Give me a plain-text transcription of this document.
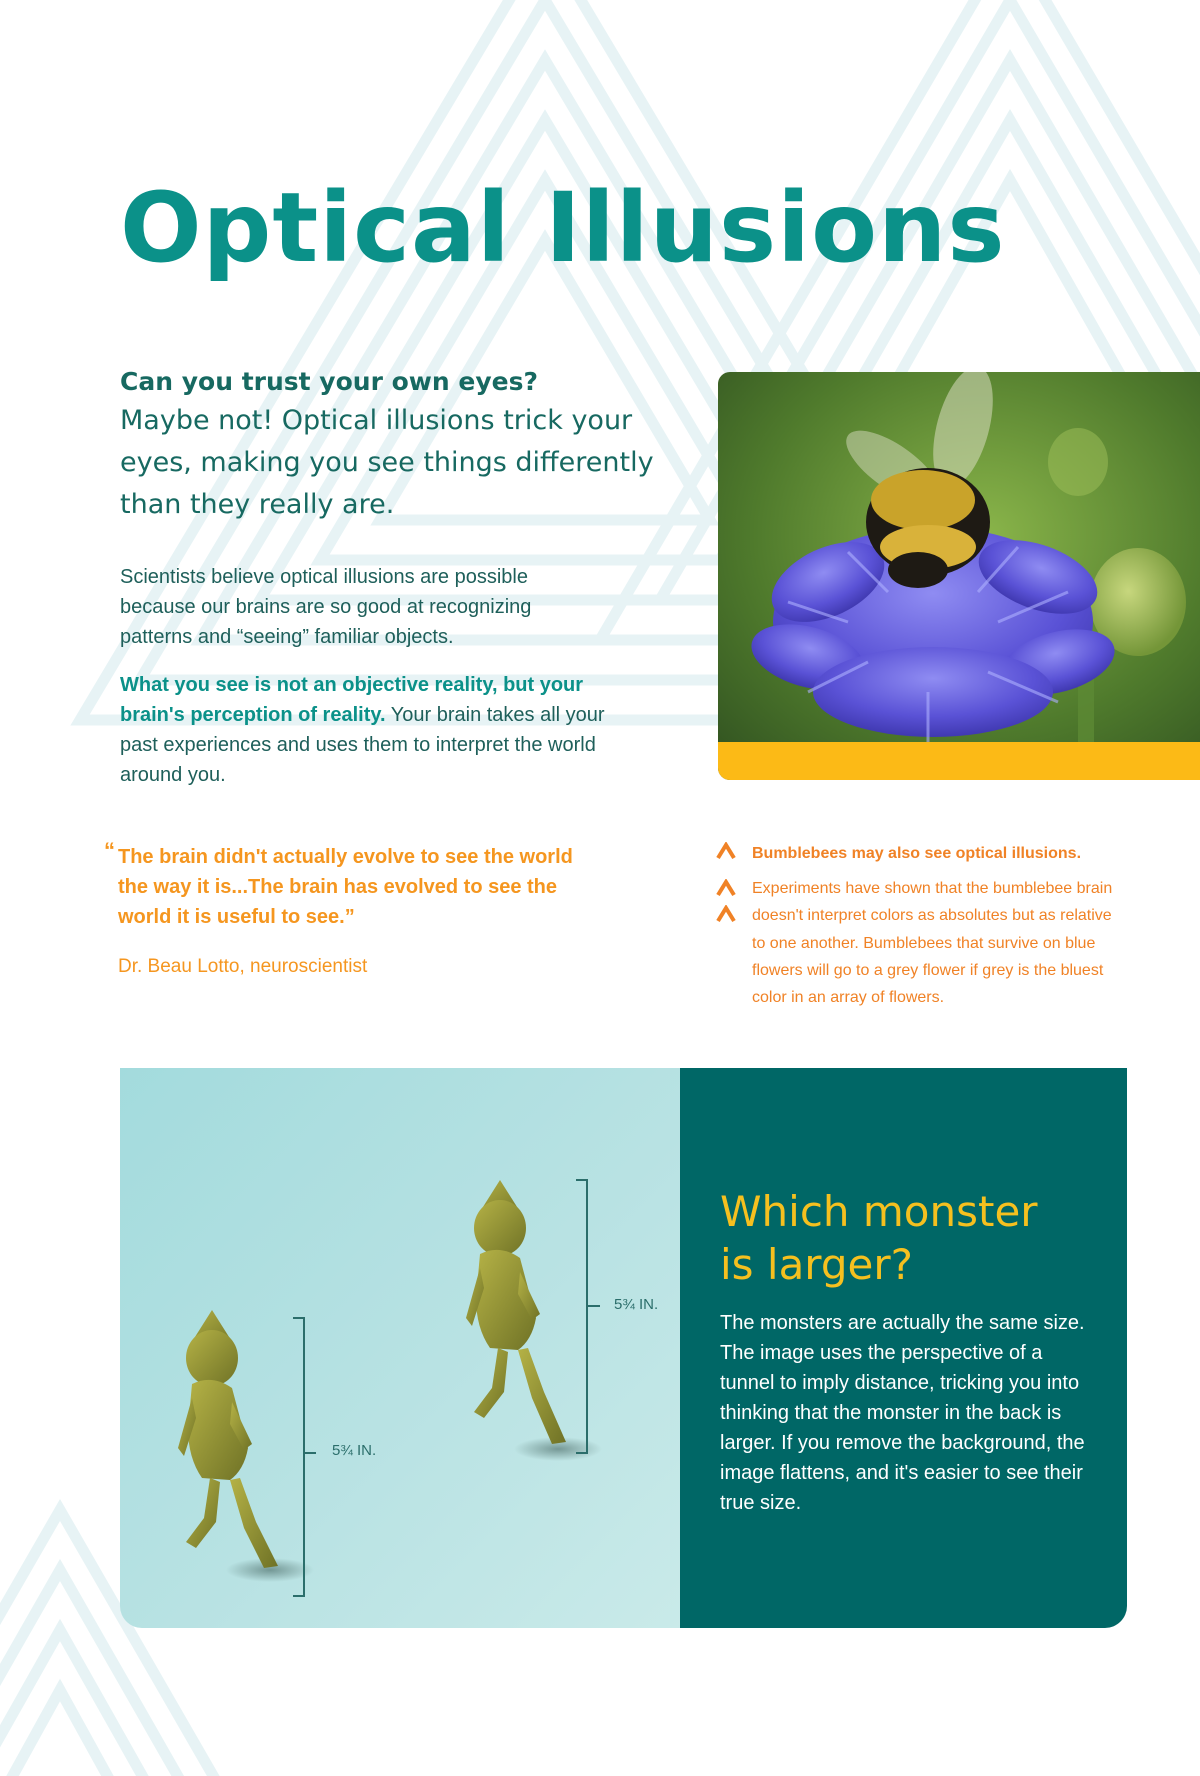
Optical Illusions
Can you trust your own eyes?
Maybe not! Optical illusions trick your eyes, making you see things differently than they really are.

Scientists believe optical illusions are possible because our brains are so good at recognizing patterns and “seeing” familiar objects.

What you see is not an objective reality, but your brain's perception of reality. Your brain takes all your past experiences and uses them to interpret the world around you.

“ The brain didn't actually evolve to see the world the way it is...The brain has evolved to see the world it is useful to see.”

Dr. Beau Lotto, neuroscientist
Bumblebees may also see optical illusions.
Experiments have shown that the bumblebee brain doesn't interpret colors as absolutes but as relative to one another. Bumblebees that survive on blue flowers will go to a grey flower if grey is the bluest color in an array of flowers.
5¾ IN.
5¾ IN.
Which monster
is larger?

The monsters are actually the same size. The image uses the perspective of a tunnel to imply distance, tricking you into thinking that the monster in the back is larger. If you remove the background, the image flattens, and it's easier to see their true size.
